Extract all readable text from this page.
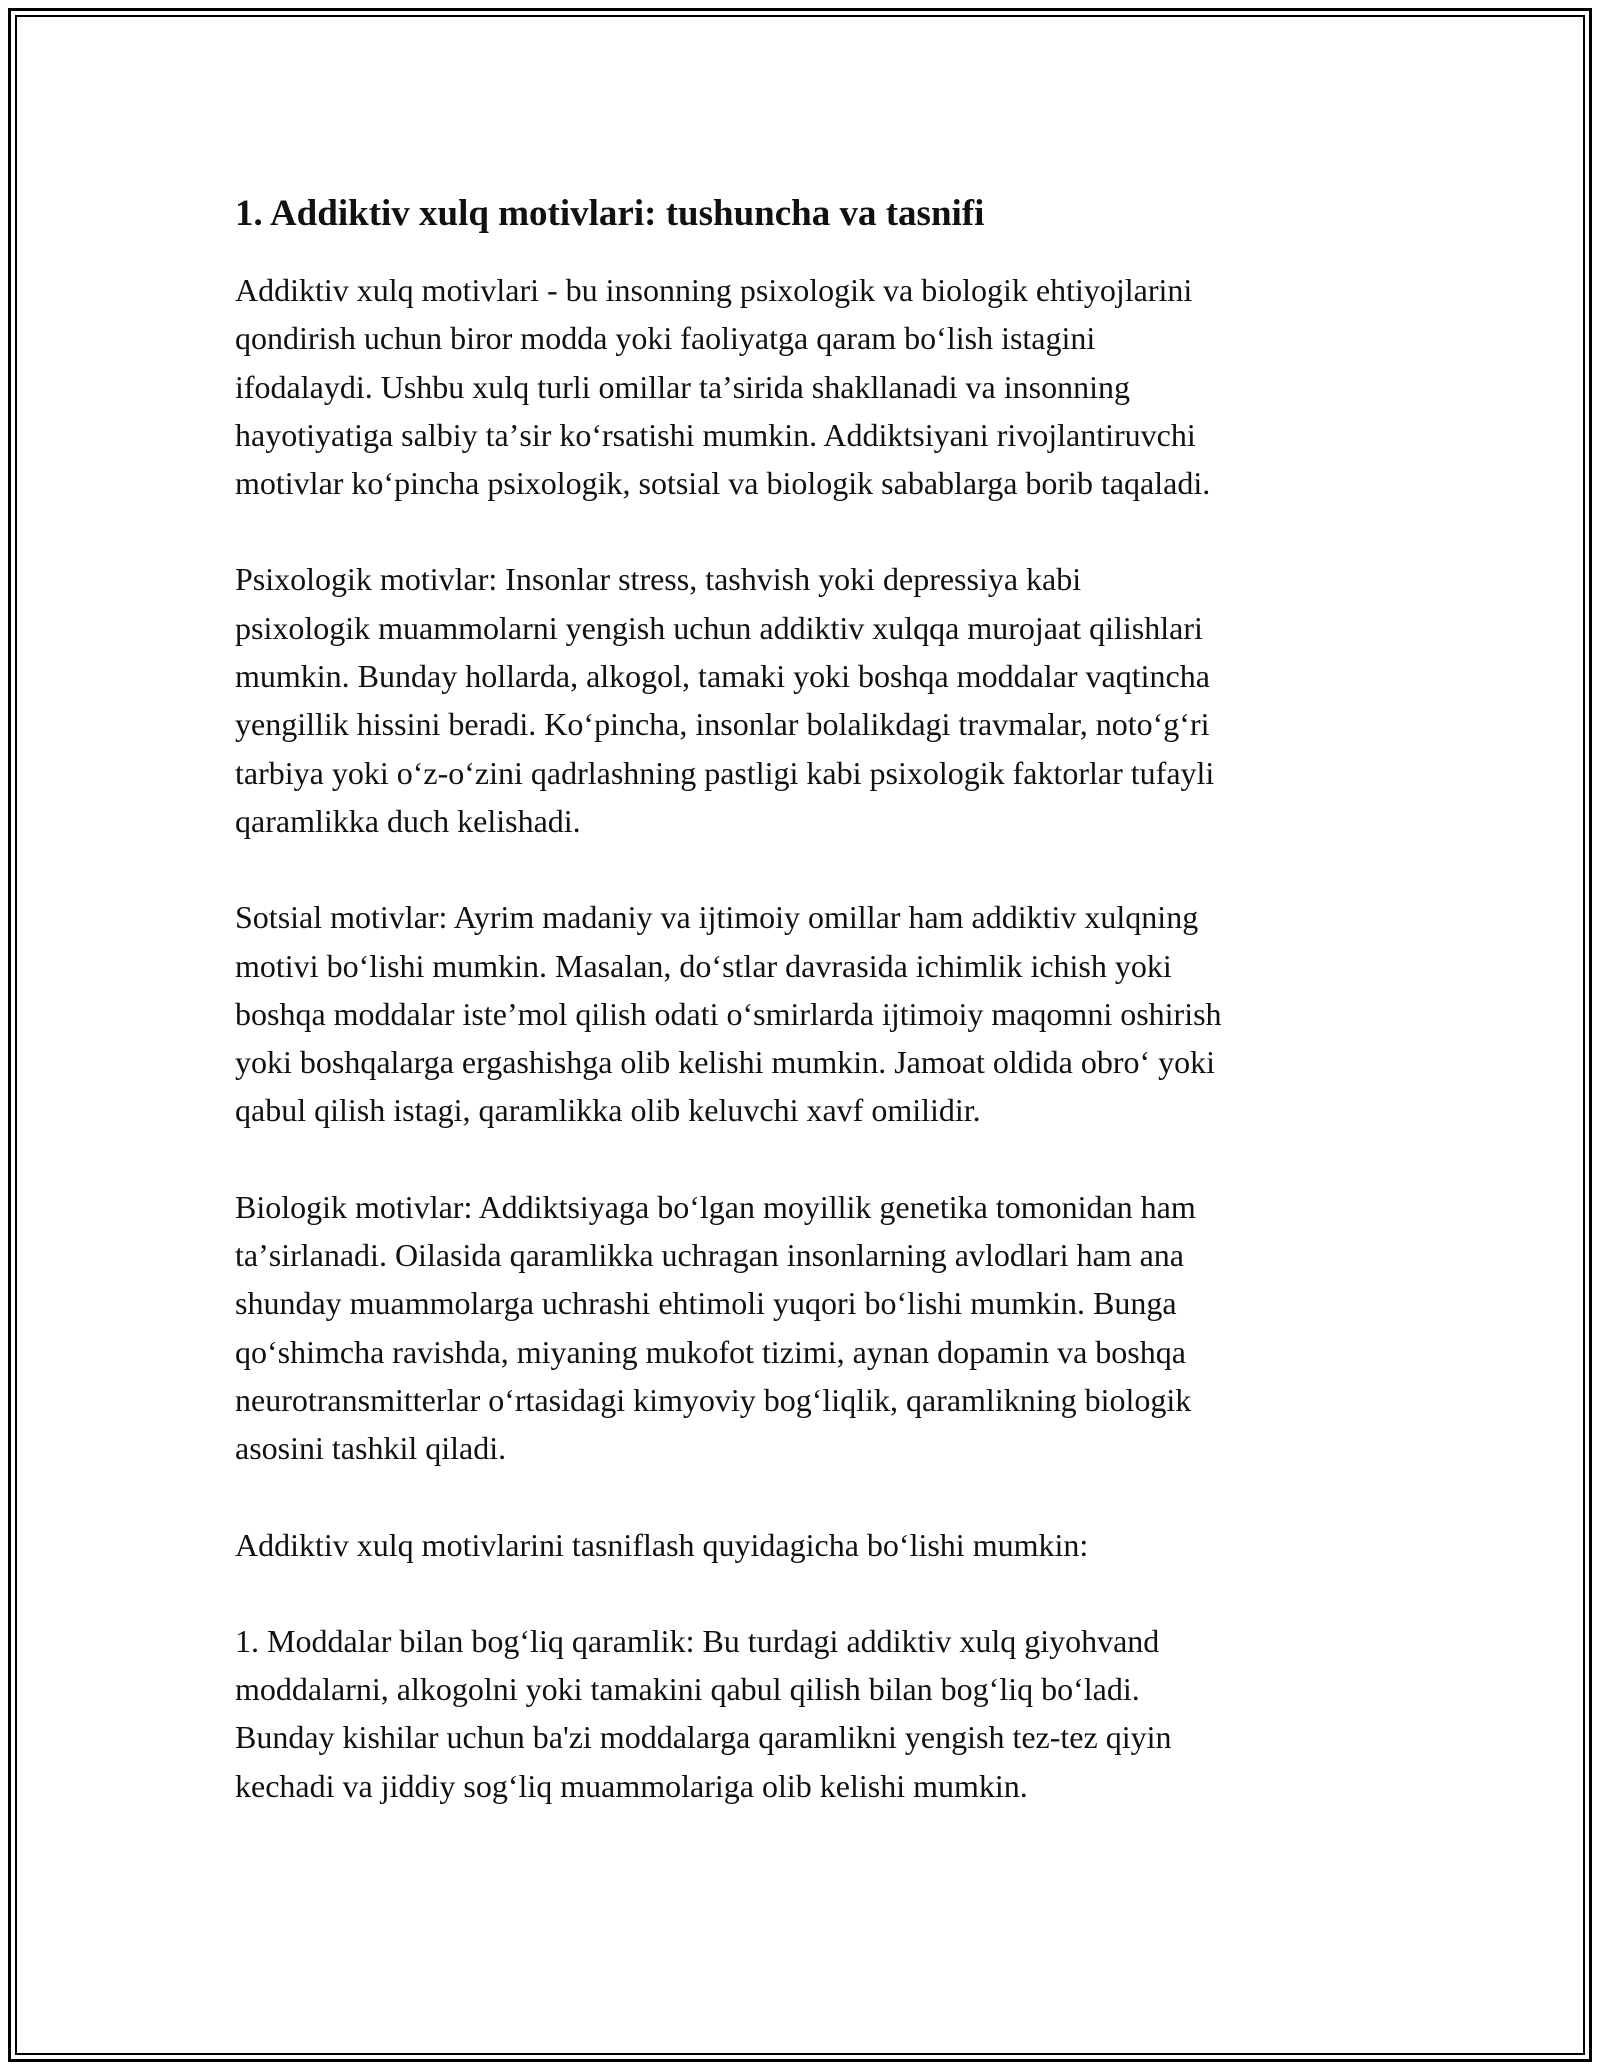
1. Addiktiv xulq motivlari: tushuncha va tasnifi

Addiktiv xulq motivlari - bu insonning psixologik va biologik ehtiyojlarini
qondirish uchun biror modda yoki faoliyatga qaram boʻlish istagini
ifodalaydi. Ushbu xulq turli omillar taʼsirida shakllanadi va insonning
hayotiyatiga salbiy taʼsir koʻrsatishi mumkin. Addiktsiyani rivojlantiruvchi
motivlar koʻpincha psixologik, sotsial va biologik sabablarga borib taqaladi.

Psixologik motivlar: Insonlar stress, tashvish yoki depressiya kabi
psixologik muammolarni yengish uchun addiktiv xulqqa murojaat qilishlari
mumkin. Bunday hollarda, alkogol, tamaki yoki boshqa moddalar vaqtincha
yengillik hissini beradi. Koʻpincha, insonlar bolalikdagi travmalar, notoʻgʻri
tarbiya yoki oʻz-oʻzini qadrlashning pastligi kabi psixologik faktorlar tufayli
qaramlikka duch kelishadi.

Sotsial motivlar: Ayrim madaniy va ijtimoiy omillar ham addiktiv xulqning
motivi boʻlishi mumkin. Masalan, doʻstlar davrasida ichimlik ichish yoki
boshqa moddalar isteʼmol qilish odati oʻsmirlarda ijtimoiy maqomni oshirish
yoki boshqalarga ergashishga olib kelishi mumkin. Jamoat oldida obroʻ yoki
qabul qilish istagi, qaramlikka olib keluvchi xavf omilidir.

Biologik motivlar: Addiktsiyaga boʻlgan moyillik genetika tomonidan ham
taʼsirlanadi. Oilasida qaramlikka uchragan insonlarning avlodlari ham ana
shunday muammolarga uchrashi ehtimoli yuqori boʻlishi mumkin. Bunga
qoʻshimcha ravishda, miyaning mukofot tizimi, aynan dopamin va boshqa
neurotransmitterlar oʻrtasidagi kimyoviy bogʻliqlik, qaramlikning biologik
asosini tashkil qiladi.

Addiktiv xulq motivlarini tasniflash quyidagicha boʻlishi mumkin:

1. Moddalar bilan bogʻliq qaramlik: Bu turdagi addiktiv xulq giyohvand
moddalarni, alkogolni yoki tamakini qabul qilish bilan bogʻliq boʻladi.
Bunday kishilar uchun ba'zi moddalarga qaramlikni yengish tez-tez qiyin
kechadi va jiddiy sogʻliq muammolariga olib kelishi mumkin.
